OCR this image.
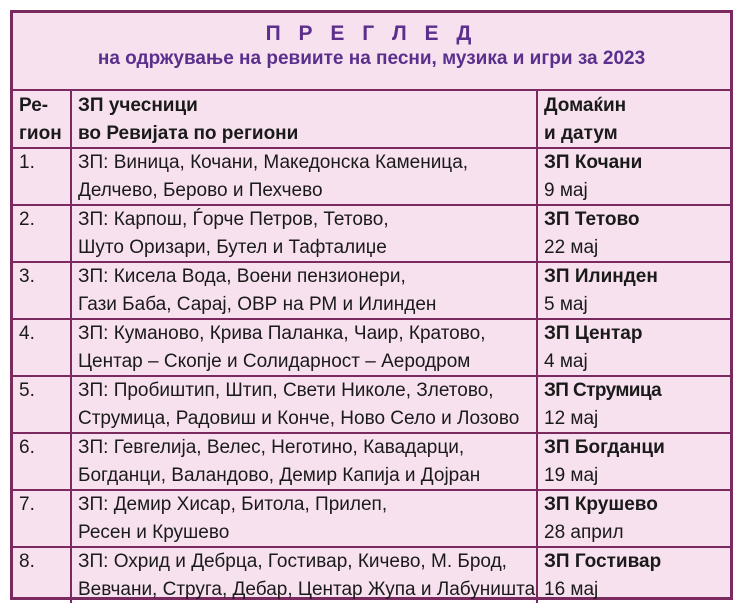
П Р Е Г Л Е Д
на одржување на ревиите на песни, музика и игри за 2023
Ре-
гион	ЗП учесници
во Ревијата по региони	Домаќин
и датум

1.	ЗП: Виница, Кочани, Македонска Каменица,
Делчево, Берово и Пехчево	ЗП Кочани
9 мај

2.	ЗП: Карпош, Ѓорче Петров, Тетово,
Шуто Оризари, Бутел и Тафталиџе	ЗП Тетово
22 мај

3.	ЗП: Кисела Вода, Воени пензионери,
Гази Баба, Сарај, ОВР на РМ и Илинден	ЗП Илинден
5 мај

4.	ЗП: Куманово, Крива Паланка, Чаир, Кратово,
Центар – Скопје и Солидарност – Аеродром	ЗП Центар
4 мај

5.	ЗП: Пробиштип, Штип, Свети Николе, Злетово,
Струмица, Радовиш и Конче, Ново Село и Лозово	ЗП Струмица
12 мај

6.	ЗП: Гевгелија, Велес, Неготино, Кавадарци,
Богданци, Валандово, Демир Капија и Дојран	ЗП Богданци
19 мај

7.	ЗП: Демир Хисар, Битола, Прилеп,
Ресен и Крушево	ЗП Крушево
28 април

8.	ЗП: Охрид и Дебрца, Гостивар, Кичево, М. Брод,
Вевчани, Струга, Дебар, Центар Жупа и Лабуништа	ЗП Гостивар
16 мај
